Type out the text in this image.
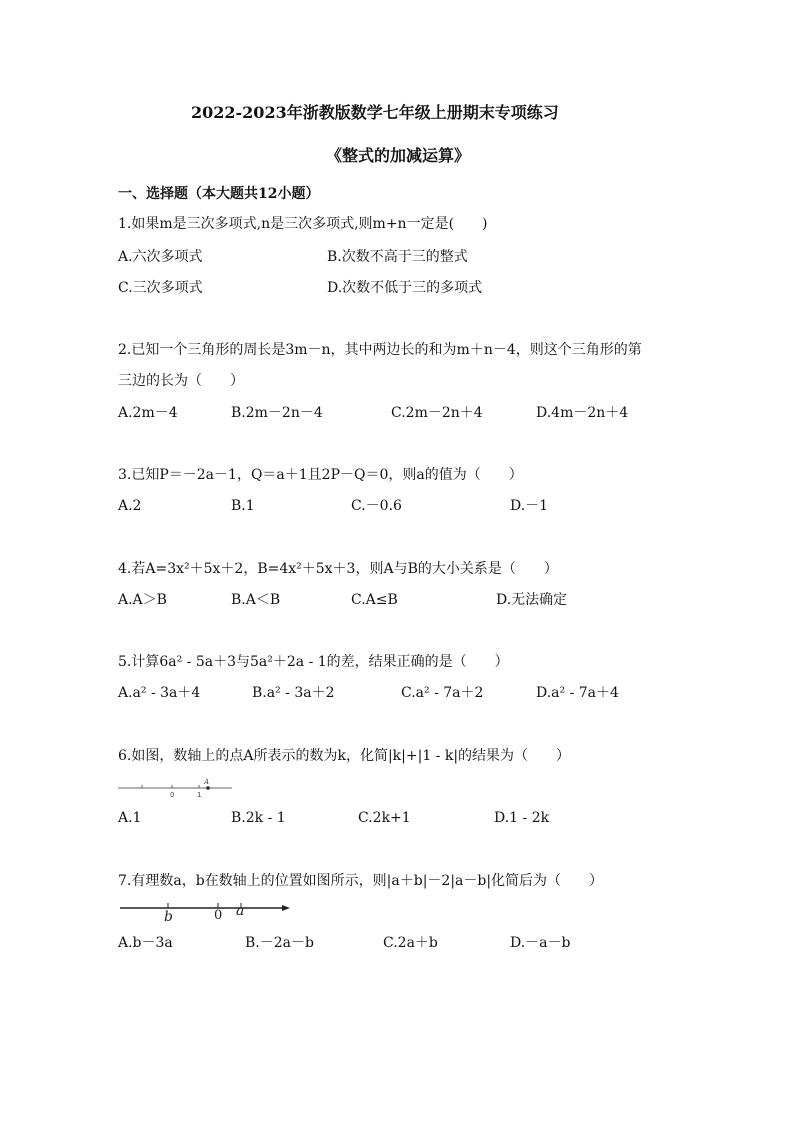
2022-2023年浙教版数学七年级上册期末专项练习
《整式的加减运算》
一、选择题（本大题共12小题）
1.如果m是三次多项式,n是三次多项式,则m+n一定是(　　)
A.六次多项式	B.次数不高于三的整式
C.三次多项式	D.次数不低于三的多项式
2.已知一个三角形的周长是3m－n，其中两边长的和为m＋n－4，则这个三角形的第
三边的长为（　　）
A.2m－4	B.2m－2n－4	C.2m－2n＋4	D.4m－2n＋4
3.已知P＝－2a－1，Q＝a＋1且2P－Q＝0，则a的值为（　　）
A.2	B.1	C.－0.6	D.－1
4.若A=3x²＋5x＋2，B=4x²＋5x＋3，则A与B的大小关系是（　　）
A.A＞B	B.A＜B	C.A≤B	D.无法确定
5.计算6a² - 5a＋3与5a²＋2a - 1的差，结果正确的是（　　）
A.a² - 3a＋4	B.a² - 3a＋2	C.a² - 7a＋2	D.a² - 7a＋4
6.如图，数轴上的点A所表示的数为k，化简|k|+|1 - k|的结果为（　　）
0	1
A
A.1	B.2k - 1	C.2k+1	D.1 - 2k
7.有理数a，b在数轴上的位置如图所示，则|a＋b|－2|a－b|化简后为（　　）
b	0 a
A.b－3a	B.－2a－b	C.2a＋b	D.－a－b
